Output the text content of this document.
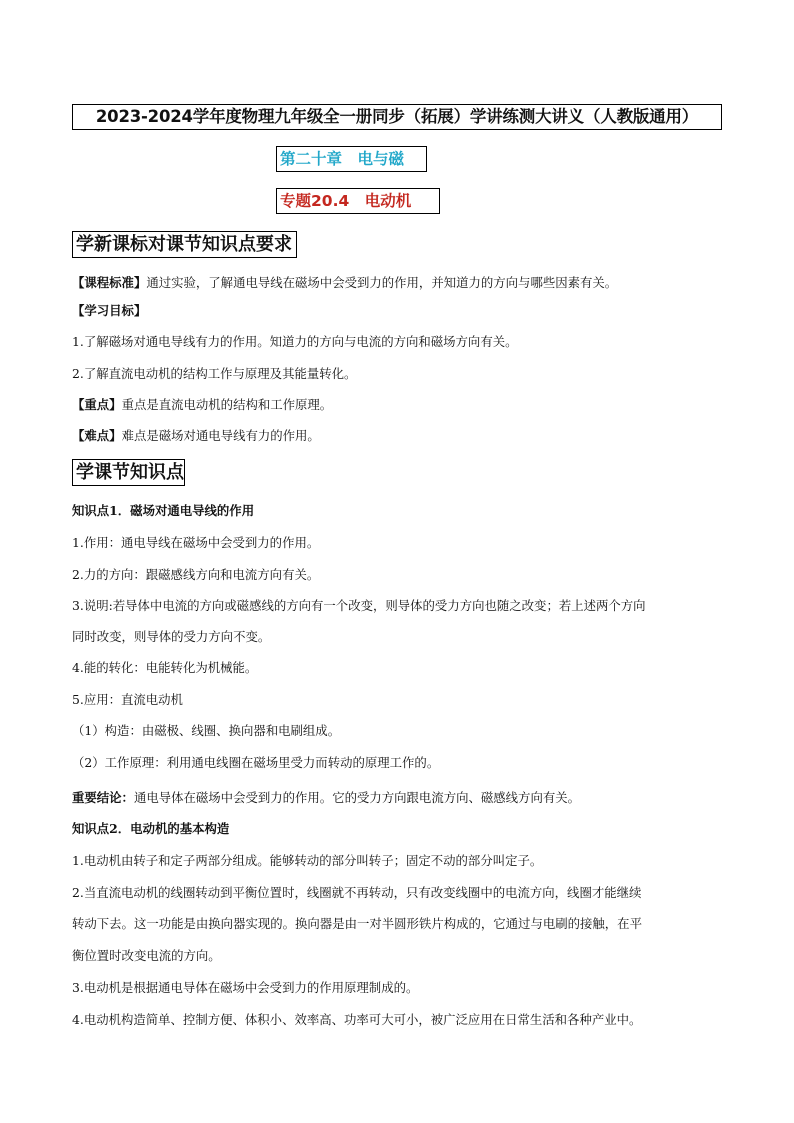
2023-2024学年度物理九年级全一册同步（拓展）学讲练测大讲义（人教版通用）
第二十章　电与磁
专题20.4　电动机
学新课标对课节知识点要求
【课程标准】通过实验，了解通电导线在磁场中会受到力的作用，并知道力的方向与哪些因素有关。
【学习目标】
1.了解磁场对通电导线有力的作用。知道力的方向与电流的方向和磁场方向有关。
2.了解直流电动机的结构工作与原理及其能量转化。
【重点】重点是直流电动机的结构和工作原理。
【难点】难点是磁场对通电导线有力的作用。
学课节知识点
知识点1．磁场对通电导线的作用
1.作用：通电导线在磁场中会受到力的作用。
2.力的方向：跟磁感线方向和电流方向有关。
3.说明:若导体中电流的方向或磁感线的方向有一个改变，则导体的受力方向也随之改变；若上述两个方向
同时改变，则导体的受力方向不变。
4.能的转化：电能转化为机械能。
5.应用：直流电动机
（1）构造：由磁极、线圈、换向器和电刷组成。
（2）工作原理：利用通电线圈在磁场里受力而转动的原理工作的。
重要结论：通电导体在磁场中会受到力的作用。它的受力方向跟电流方向、磁感线方向有关。
知识点2．电动机的基本构造
1.电动机由转子和定子两部分组成。能够转动的部分叫转子；固定不动的部分叫定子。
2.当直流电动机的线圈转动到平衡位置时，线圈就不再转动，只有改变线圈中的电流方向，线圈才能继续
转动下去。这一功能是由换向器实现的。换向器是由一对半圆形铁片构成的，它通过与电刷的接触，在平
衡位置时改变电流的方向。
3.电动机是根据通电导体在磁场中会受到力的作用原理制成的。
4.电动机构造简单、控制方便、体积小、效率高、功率可大可小，被广泛应用在日常生活和各种产业中。
